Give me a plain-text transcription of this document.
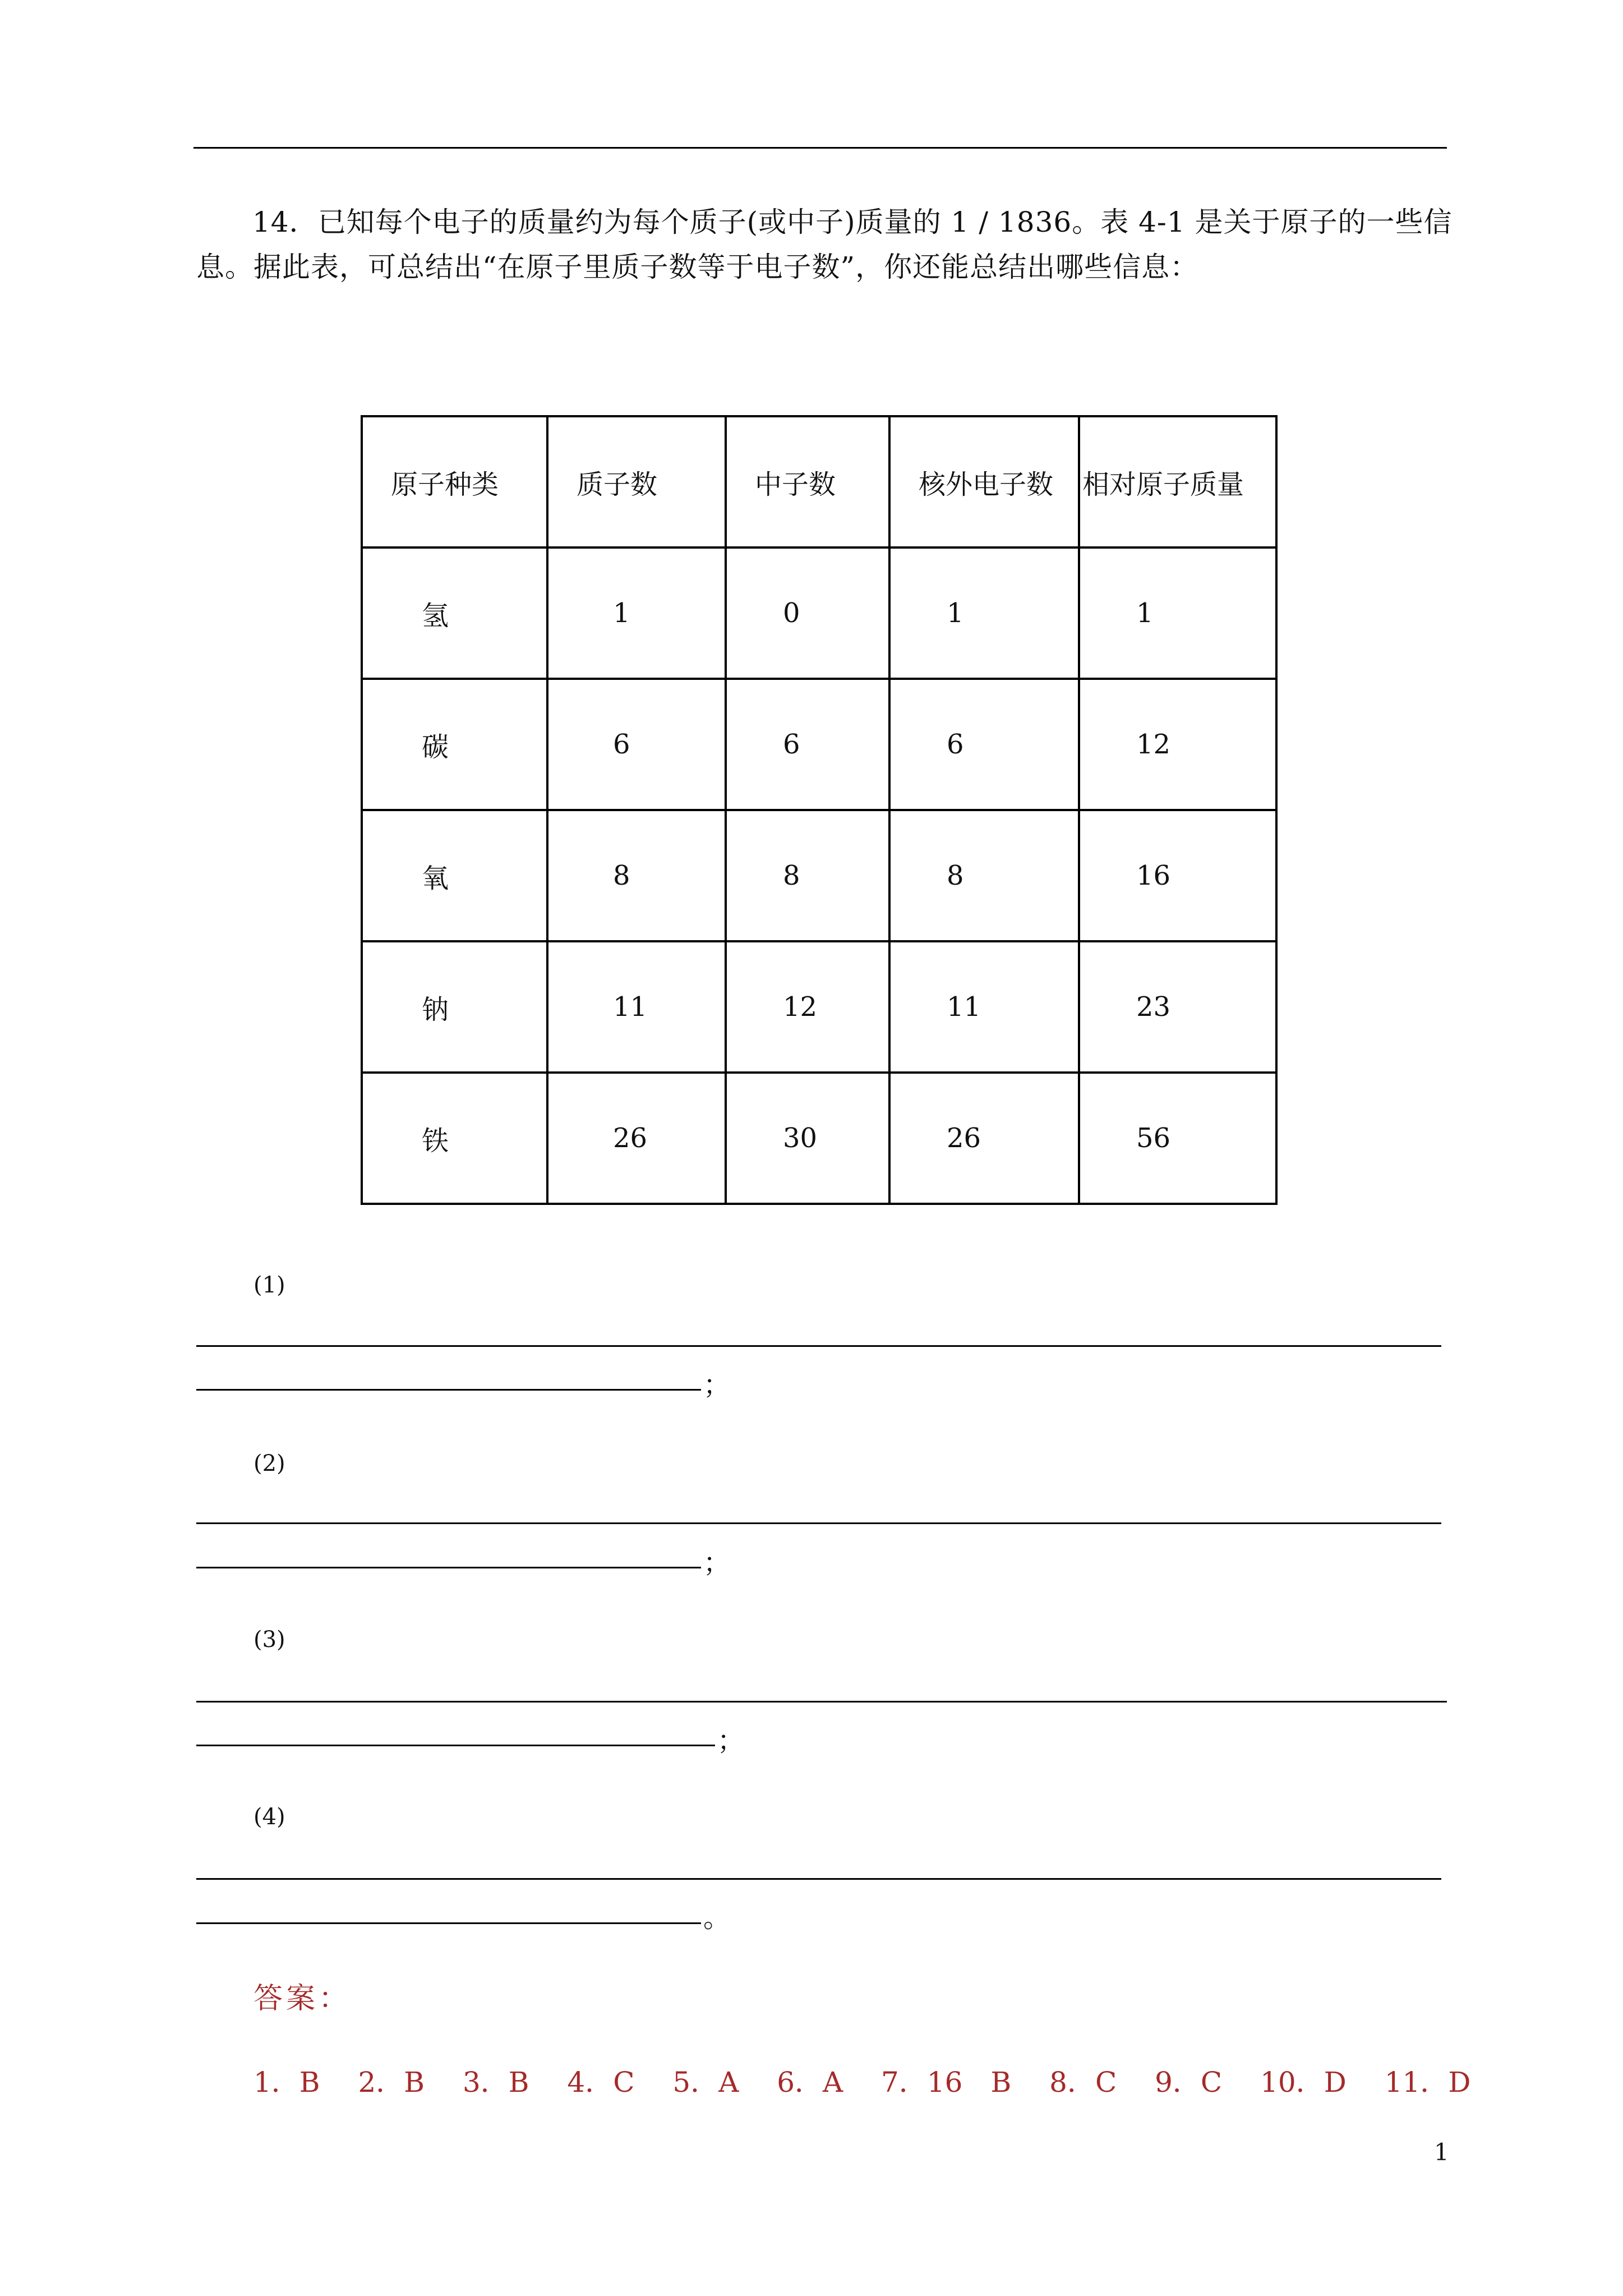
14．已知每个电子的质量约为每个质子(或中子)质量的 1 / 1836。表 4-1 是关于原子的一些信息。据此表，可总结出“在原子里质子数等于电子数”，你还能总结出哪些信息：

原子种类	质子数	中子数	核外电子数	相对原子质量

氢	1	0	1	1

碳	6	6	6	12

氧	8	8	8	16

钠	11	12	11	23

铁	26	30	26	56
(1)
；
(2)
；
(3)
；
(4)
。
答案：
1．B 2．B 3．B 4．C 5．A 6．A 7．16　B 8．C 9．C 10．D 11．D
1
